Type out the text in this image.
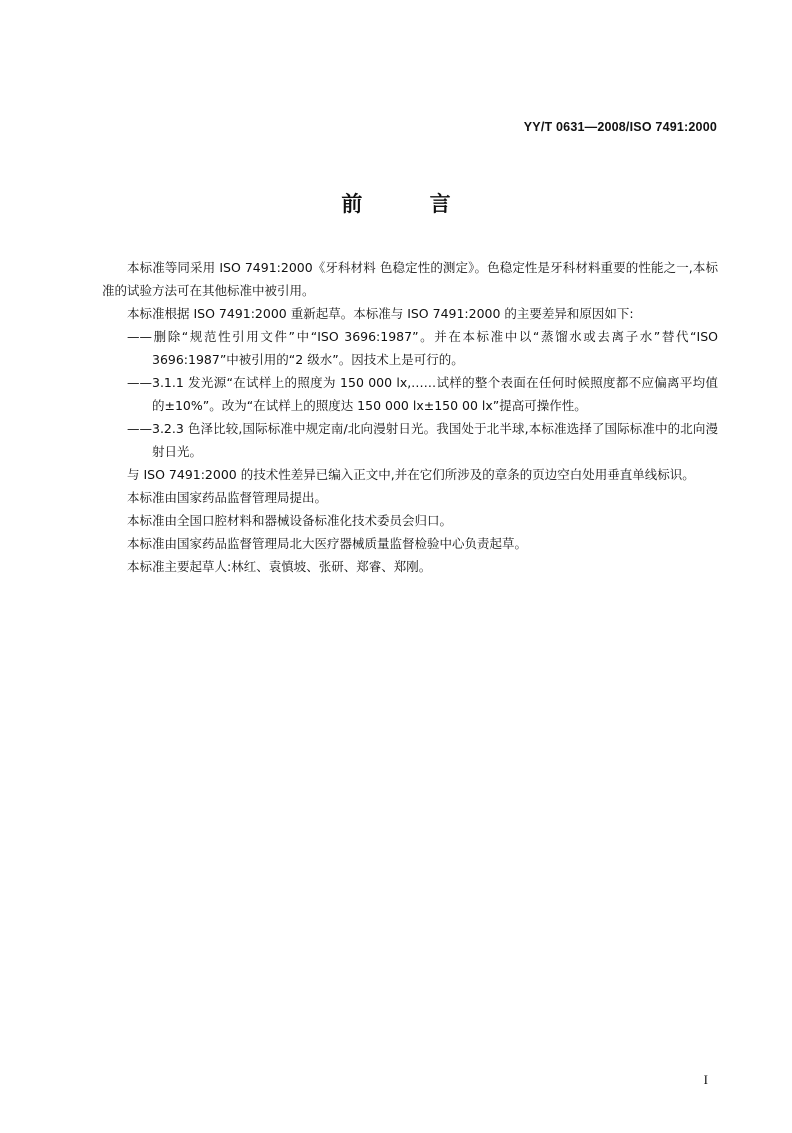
YY/T 0631—2008/ISO 7491:2000
前 言

本标准等同采用 ISO 7491:2000《牙科材料 色稳定性的测定》。色稳定性是牙科材料重要的性能之一,本标准的试验方法可在其他标准中被引用。

本标准根据 ISO 7491:2000 重新起草。本标准与 ISO 7491:2000 的主要差异和原因如下:

——删除“规范性引用文件”中“ISO 3696:1987”。并在本标准中以“蒸馏水或去离子水”替代“ISO 3696:1987”中被引用的“2 级水”。因技术上是可行的。

——3.1.1 发光源“在试样上的照度为 150 000 lx,……试样的整个表面在任何时候照度都不应偏离平均值的±10%”。改为“在试样上的照度达 150 000 lx±150 00 lx”提高可操作性。

——3.2.3 色泽比较,国际标准中规定南/北向漫射日光。我国处于北半球,本标准选择了国际标准中的北向漫射日光。

与 ISO 7491:2000 的技术性差异已编入正文中,并在它们所涉及的章条的页边空白处用垂直单线标识。

本标准由国家药品监督管理局提出。

本标准由全国口腔材料和器械设备标准化技术委员会归口。

本标准由国家药品监督管理局北大医疗器械质量监督检验中心负责起草。

本标准主要起草人:林红、袁慎坡、张研、郑睿、郑刚。

I
